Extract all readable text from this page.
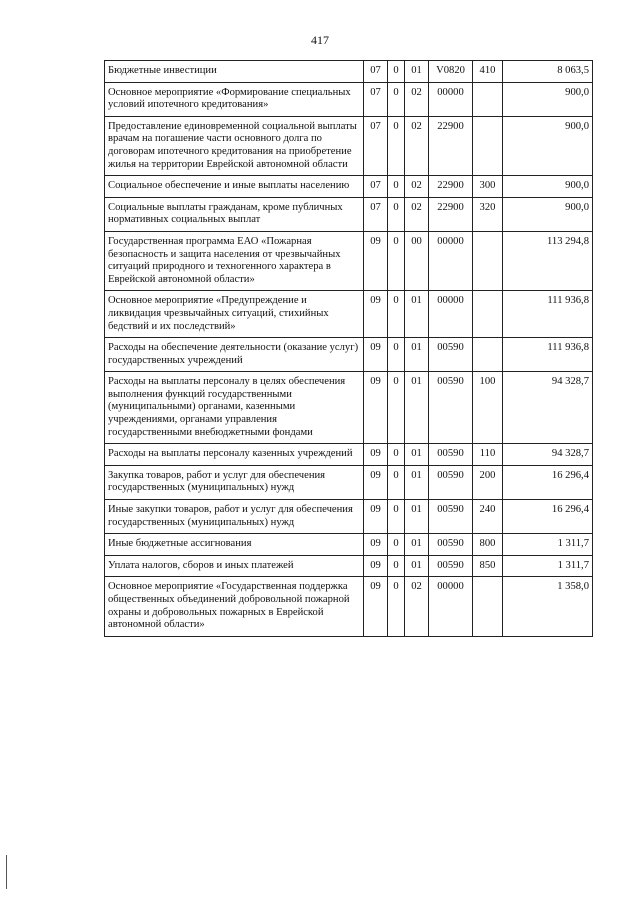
417
Бюджетные инвестиции	07	0	01	V0820	410	8 063,5
Основное мероприятие «Формирование специальных условий ипотечного кредитования»	07	0	02	00000		900,0
Предоставление единовременной социальной выплаты врачам на погашение части основного долга по договорам ипотечного кредитования на приобретение жилья на территории Еврейской автономной области	07	0	02	22900		900,0
Социальное обеспечение и иные выплаты населению	07	0	02	22900	300	900,0
Социальные выплаты гражданам, кроме публичных нормативных социальных выплат	07	0	02	22900	320	900,0
Государственная программа ЕАО «Пожарная безопасность и защита населения от чрезвычайных ситуаций природного и техногенного характера в Еврейской автономной области»	09	0	00	00000		113 294,8
Основное мероприятие «Предупреждение и ликвидация чрезвычайных ситуаций, стихийных бедствий и их последствий»	09	0	01	00000		111 936,8
Расходы на обеспечение деятельности (оказание услуг) государственных учреждений	09	0	01	00590		111 936,8
Расходы на выплаты персоналу в целях обеспечения выполнения функций государственными (муниципальными) органами, казенными учреждениями, органами управления государственными внебюджетными фондами	09	0	01	00590	100	94 328,7
Расходы на выплаты персоналу казенных учреждений	09	0	01	00590	110	94 328,7
Закупка товаров, работ и услуг для обеспечения государственных (муниципальных) нужд	09	0	01	00590	200	16 296,4
Иные закупки товаров, работ и услуг для обеспечения государственных (муниципальных) нужд	09	0	01	00590	240	16 296,4
Иные бюджетные ассигнования	09	0	01	00590	800	1 311,7
Уплата налогов, сборов и иных платежей	09	0	01	00590	850	1 311,7
Основное мероприятие «Государственная поддержка общественных объединений добровольной пожарной охраны и добровольных пожарных в Еврейской автономной области»	09	0	02	00000		1 358,0
